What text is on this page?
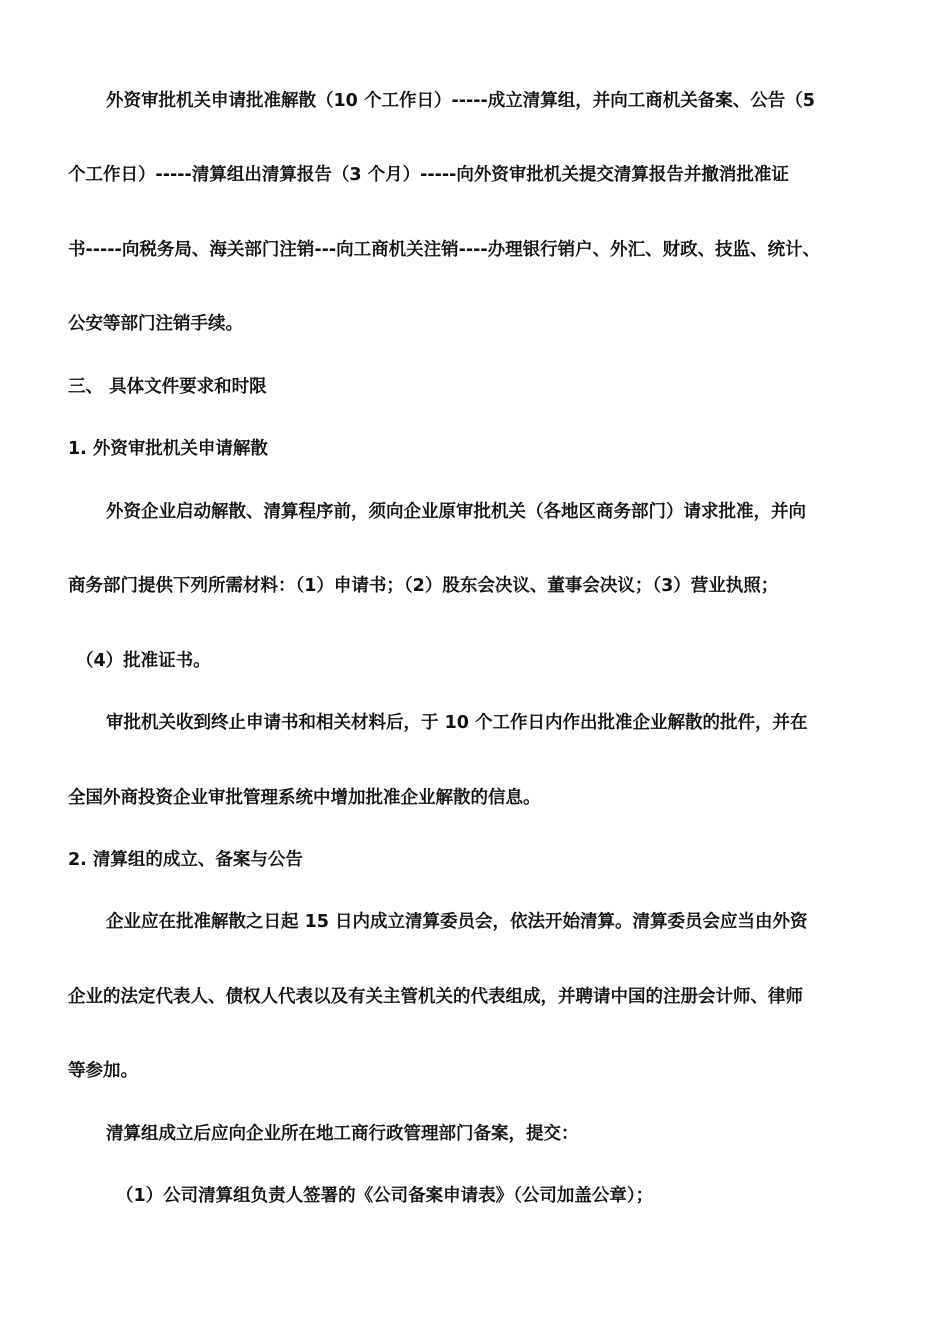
外资审批机关申请批准解散（10 个工作日）-----成立清算组，并向工商机关备案、公告（5

个工作日）-----清算组出清算报告（3 个月）-----向外资审批机关提交清算报告并撤消批准证

书-----向税务局、海关部门注销---向工商机关注销----办理银行销户、外汇、财政、技监、统计、

公安等部门注销手续。

三、 具体文件要求和时限

1. 外资审批机关申请解散

外资企业启动解散、清算程序前，须向企业原审批机关（各地区商务部门）请求批准，并向

商务部门提供下列所需材料：（1）申请书；（2）股东会决议、董事会决议；（3）营业执照；

（4）批准证书。

审批机关收到终止申请书和相关材料后，于 10 个工作日内作出批准企业解散的批件，并在

全国外商投资企业审批管理系统中增加批准企业解散的信息。

2. 清算组的成立、备案与公告

企业应在批准解散之日起 15 日内成立清算委员会，依法开始清算。清算委员会应当由外资

企业的法定代表人、债权人代表以及有关主管机关的代表组成，并聘请中国的注册会计师、律师

等参加。

清算组成立后应向企业所在地工商行政管理部门备案，提交：

（1）公司清算组负责人签署的《公司备案申请表》（公司加盖公章）；
